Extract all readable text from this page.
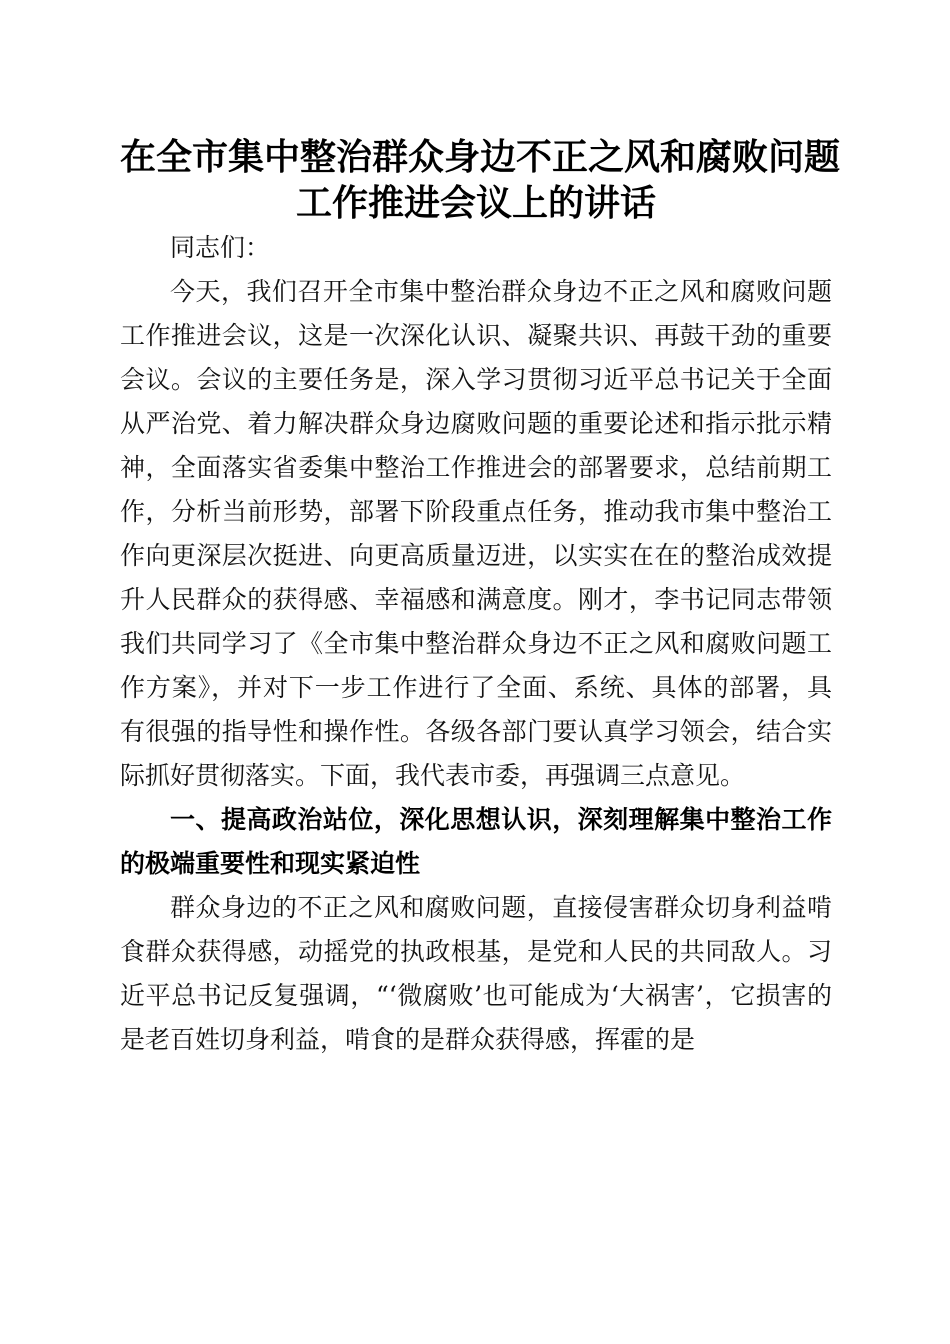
在全市集中整治群众身边不正之风和腐败问题
工作推进会议上的讲话

同志们：

今天，我们召开全市集中整治群众身边不正之风和腐败问题工作推进会议，这是一次深化认识、凝聚共识、再鼓干劲的重要会议。会议的主要任务是，深入学习贯彻习近平总书记关于全面从严治党、着力解决群众身边腐败问题的重要论述和指示批示精神，全面落实省委集中整治工作推进会的部署要求，总结前期工作，分析当前形势，部署下阶段重点任务，推动我市集中整治工作向更深层次挺进、向更高质量迈进，以实实在在的整治成效提升人民群众的获得感、幸福感和满意度。刚才，李书记同志带领我们共同学习了《全市集中整治群众身边不正之风和腐败问题工作方案》，并对下一步工作进行了全面、系统、具体的部署，具有很强的指导性和操作性。各级各部门要认真学习领会，结合实际抓好贯彻落实。下面，我代表市委，再强调三点意见。

一、提高政治站位，深化思想认识，深刻理解集中整治工作的极端重要性和现实紧迫性

群众身边的不正之风和腐败问题，直接侵害群众切身利益啃食群众获得感，动摇党的执政根基，是党和人民的共同敌人。习近平总书记反复强调，“‘微腐败’也可能成为‘大祸害’，它损害的是老百姓切身利益，啃食的是群众获得感，挥霍的是
